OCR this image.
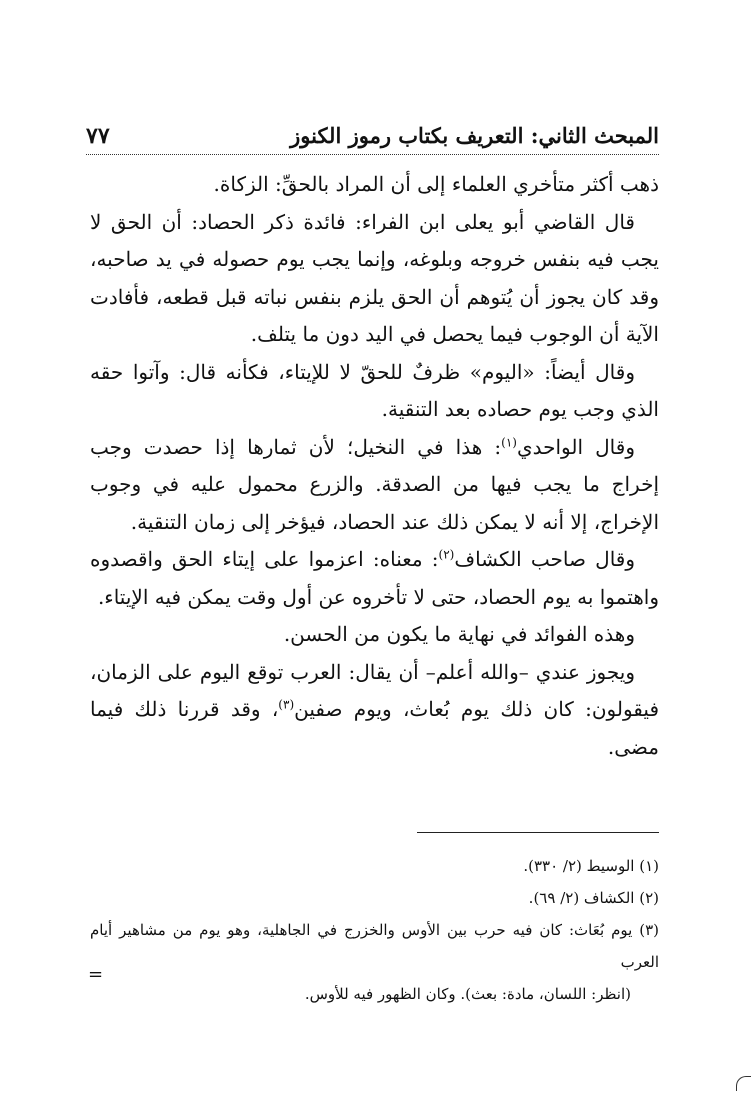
المبحث الثاني: التعريف بكتاب رموز الكنوز
٧٧

ذهب أكثر متأخري العلماء إلى أن المراد بالحقِّ: الزكاة.

قال القاضي أبو يعلى ابن الفراء: فائدة ذكر الحصاد: أن الحق لا يجب فيه بنفس خروجه وبلوغه، وإنما يجب يوم حصوله في يد صاحبه، وقد كان يجوز أن يُتوهم أن الحق يلزم بنفس نباته قبل قطعه، فأفادت الآية أن الوجوب فيما يحصل في اليد دون ما يتلف.

وقال أيضاً: «اليوم» ظرفٌ للحقّ لا للإيتاء، فكأنه قال: وآتوا حقه الذي وجب يوم حصاده بعد التنقية.

وقال الواحدي$^{(١)}$: هذا في النخيل؛ لأن ثمارها إذا حصدت وجب إخراج ما يجب فيها من الصدقة. والزرع محمول عليه في وجوب الإخراج، إلا أنه لا يمكن ذلك عند الحصاد، فيؤخر إلى زمان التنقية.

وقال صاحب الكشاف$^{(٢)}$: معناه: اعزموا على إيتاء الحق واقصدوه واهتموا به يوم الحصاد، حتى لا تأخروه عن أول وقت يمكن فيه الإيتاء.

وهذه الفوائد في نهاية ما يكون من الحسن.

ويجوز عندي –والله أعلم– أن يقال: العرب توقع اليوم على الزمان، فيقولون: كان ذلك يوم بُعاث، ويوم صفين$^{(٣)}$، وقد قررنا ذلك فيما مضى.

(١) الوسيط (٢/ ٣٣٠).

(٢) الكشاف (٢/ ٦٩).

(٣) يوم بُعَاث: كان فيه حرب بين الأوس والخزرج في الجاهلية، وهو يوم من مشاهير أيام العرب

(انظر: اللسان، مادة: بعث). وكان الظهور فيه للأوس.

=
